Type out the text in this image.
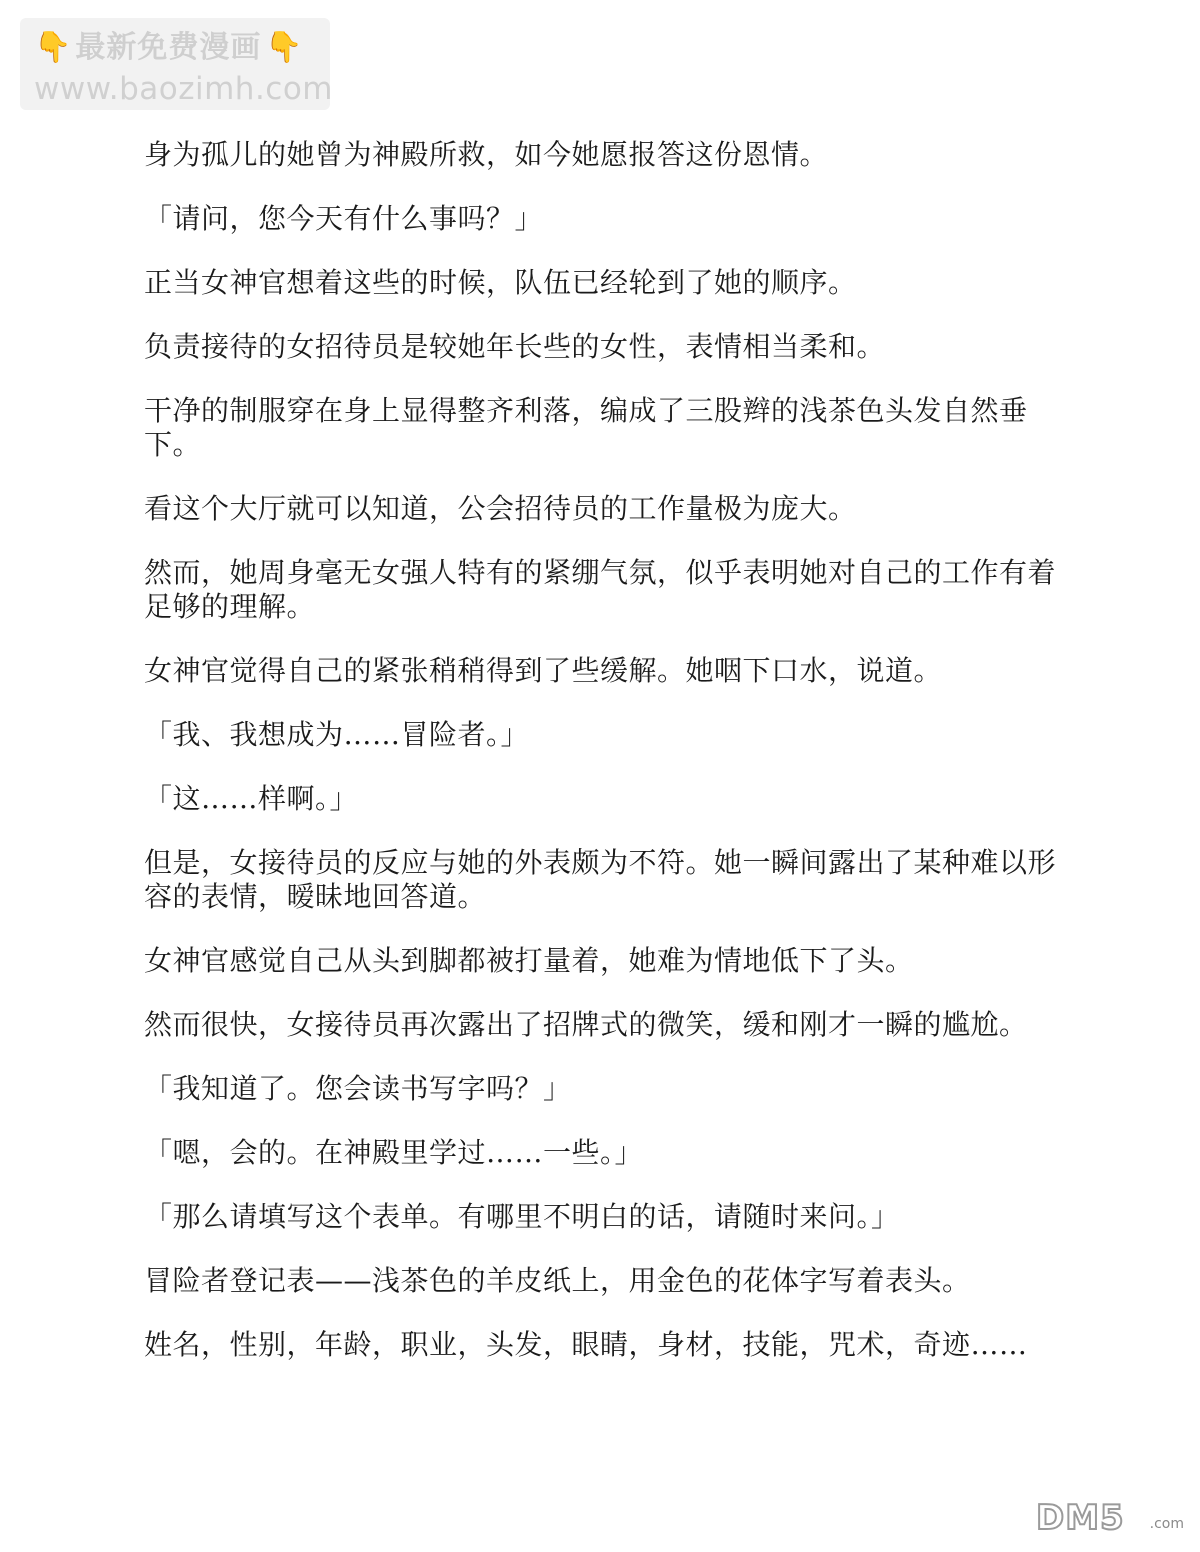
👇 最新免费漫画 👇
www.baozimh.com

身为孤儿的她曾为神殿所救，如今她愿报答这份恩情。

「请问，您今天有什么事吗？」

正当女神官想着这些的时候，队伍已经轮到了她的顺序。

负责接待的女招待员是较她年长些的女性，表情相当柔和。

干净的制服穿在身上显得整齐利落，编成了三股辫的浅茶色头发自然垂下。

看这个大厅就可以知道，公会招待员的工作量极为庞大。

然而，她周身毫无女强人特有的紧绷气氛，似乎表明她对自己的工作有着足够的理解。

女神官觉得自己的紧张稍稍得到了些缓解。她咽下口水，说道。

「我、我想成为……冒险者。」

「这……样啊。」

但是，女接待员的反应与她的外表颇为不符。她一瞬间露出了某种难以形容的表情，暧昧地回答道。

女神官感觉自己从头到脚都被打量着，她难为情地低下了头。

然而很快，女接待员再次露出了招牌式的微笑，缓和刚才一瞬的尴尬。

「我知道了。您会读书写字吗？」

「嗯，会的。在神殿里学过……一些。」

「那么请填写这个表单。有哪里不明白的话，请随时来问。」

冒险者登记表——浅茶色的羊皮纸上，用金色的花体字写着表头。

姓名，性别，年龄，职业，头发，眼睛，身材，技能，咒术，奇迹……

DM5 .com
